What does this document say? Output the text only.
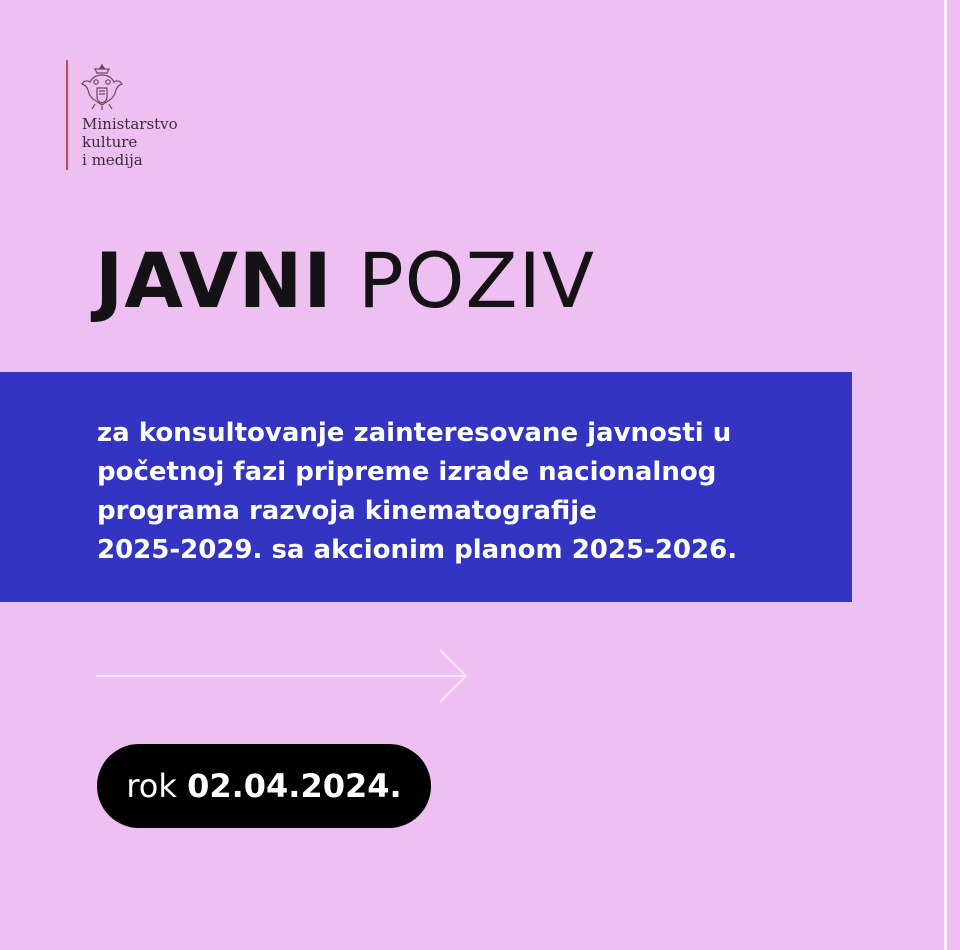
Ministarstvo
kulture
i medija
JAVNI POZIV
za konsultovanje zainteresovane javnosti u
početnoj fazi pripreme izrade nacionalnog
programa razvoja kinematografije
2025-2029. sa akcionim planom 2025-2026.
rok 02.04.2024.
